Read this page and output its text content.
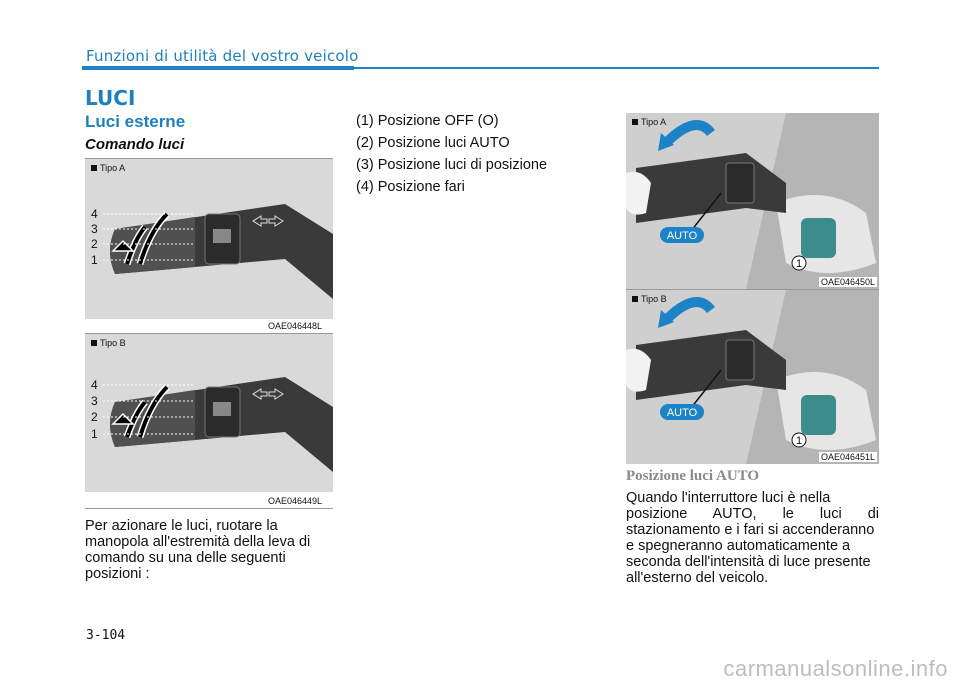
Funzioni di utilità del vostro veicolo
LUCI
Luci esterne
Comando luci
Tipo A
4
3
2
1
OAE046448L
Tipo B
4
3
2
1
OAE046449L
Per azionare le luci, ruotare la
manopola all'estremità della leva di
comando su una delle seguenti
posizioni :
(1) Posizione OFF (O)
(2) Posizione luci AUTO
(3) Posizione luci di posizione
(4) Posizione fari
AUTO
1
Tipo A
OAE046450L
AUTO
1
Tipo B
OAE046451L
Posizione luci AUTO
Quando l'interruttore luci è nella
posizione AUTO, le luci di
stazionamento e i fari si accenderanno
e spegneranno automaticamente a
seconda dell'intensità di luce presente
all'esterno del veicolo.
3-104
carmanualsonline.info
